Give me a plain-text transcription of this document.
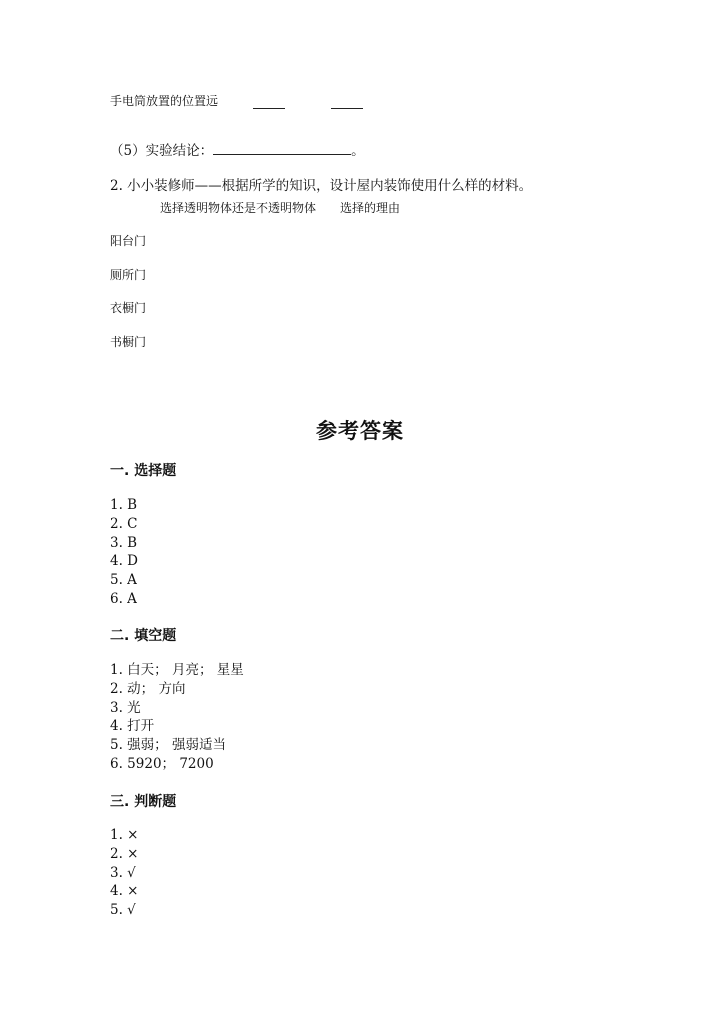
手电筒放置的位置远
（5）实验结论：	。
2. 小小装修师——根据所学的知识，设计屋内装饰使用什么样的材料。
选择透明物体还是不透明物体 选择的理由
阳台门
厕所门
衣橱门
书橱门
参考答案
一. 选择题
1. B
2. C
3. B
4. D
5. A
6. A
二. 填空题
1. 白天； 月亮； 星星
2. 动； 方向
3. 光
4. 打开
5. 强弱； 强弱适当
6. 5920； 7200
三. 判断题
1. ×
2. ×
3. √
4. ×
5. √
